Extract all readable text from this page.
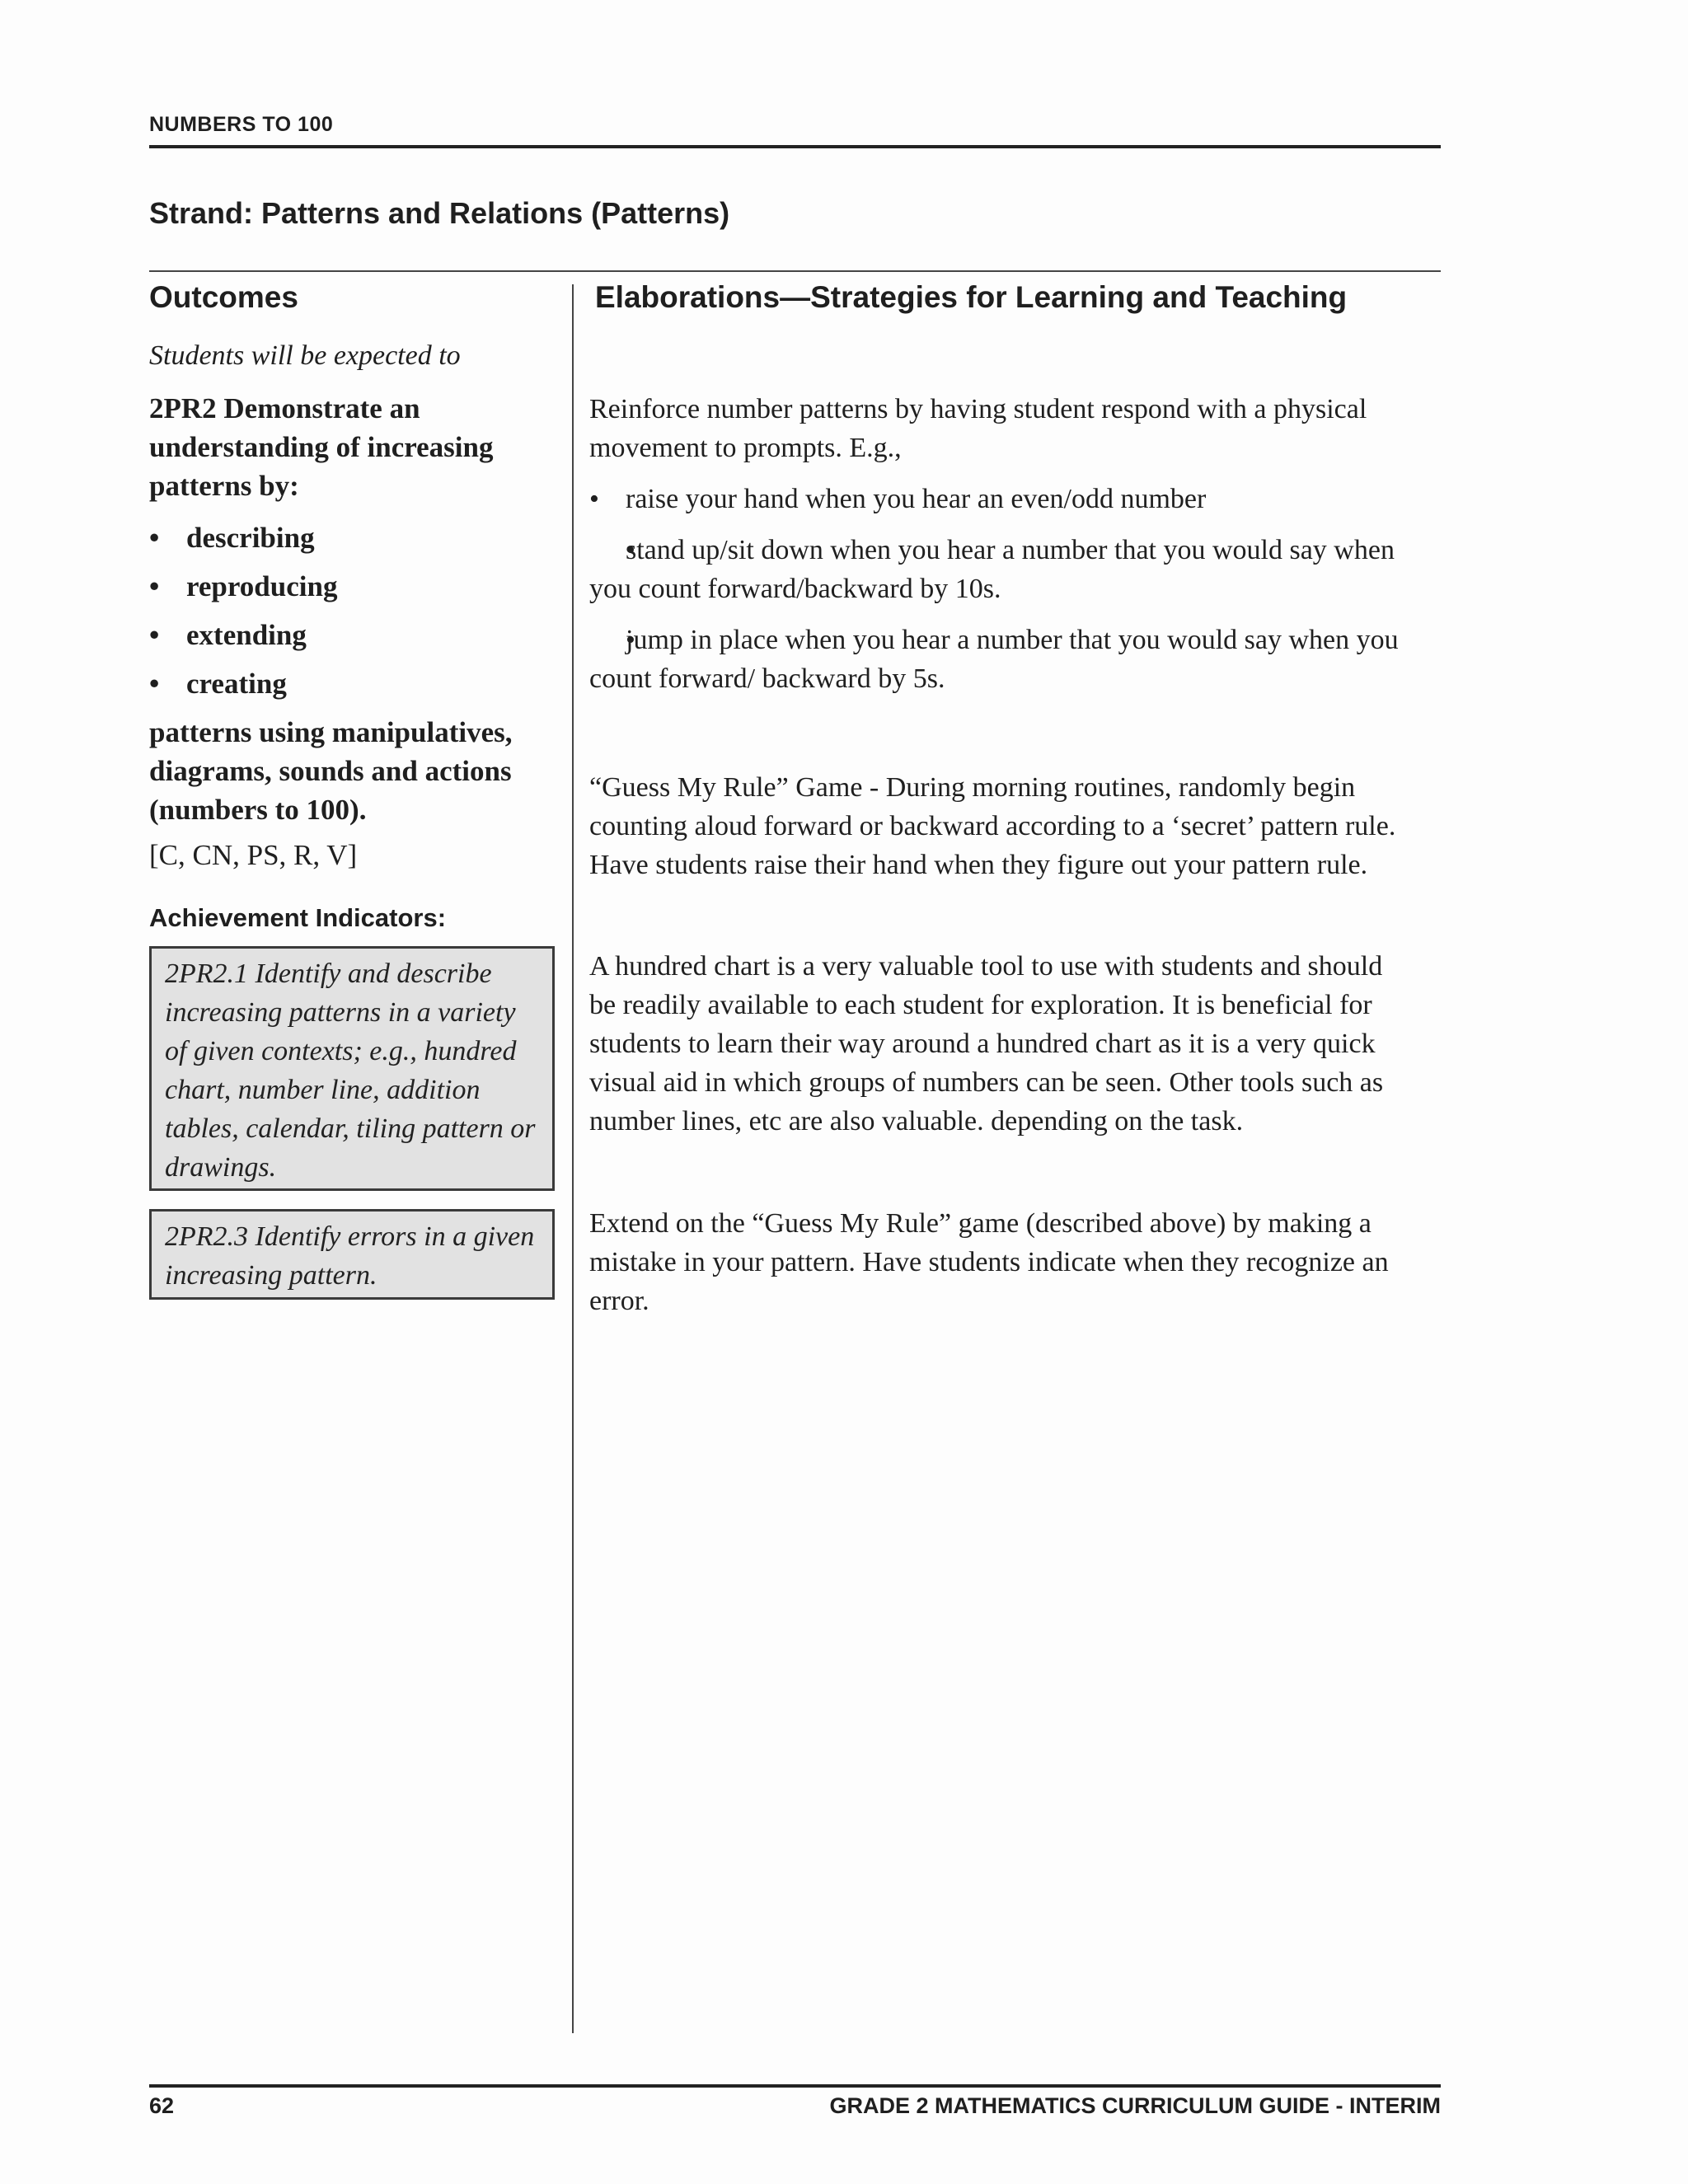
NUMBERS TO 100
Strand: Patterns and Relations (Patterns)
Outcomes	Elaborations—Strategies for Learning and Teaching
Students will be expected to
2PR2 Demonstrate an
understanding of increasing
patterns by:
• describing
• reproducing
• extending
• creating
patterns using manipulatives,
diagrams, sounds and actions
(numbers to 100).
[C, CN, PS, R, V]
Achievement Indicators:
2PR2.1 Identify and describe
increasing patterns in a variety
of given contexts; e.g., hundred
chart, number line, addition
tables, calendar, tiling pattern or
drawings.
2PR2.3 Identify errors in a given
increasing pattern.

Reinforce number patterns by having student respond with a physical
movement to prompts. E.g.,

• raise your hand when you hear an even/odd number
• stand up/sit down when you hear a number that you would say when
you count forward/backward by 10s.
• jump in place when you hear a number that you would say when you
count forward/ backward by 5s.
“Guess My Rule” Game - During morning routines, randomly begin
counting aloud forward or backward according to a ‘secret’ pattern rule.
Have students raise their hand when they figure out your pattern rule.
A hundred chart is a very valuable tool to use with students and should
be readily available to each student for exploration. It is beneficial for
students to learn their way around a hundred chart as it is a very quick
visual aid in which groups of numbers can be seen. Other tools such as
number lines, etc are also valuable. depending on the task.
Extend on the “Guess My Rule” game (described above) by making a
mistake in your pattern. Have students indicate when they recognize an
error.
62	GRADE 2 MATHEMATICS CURRICULUM GUIDE - INTERIM
